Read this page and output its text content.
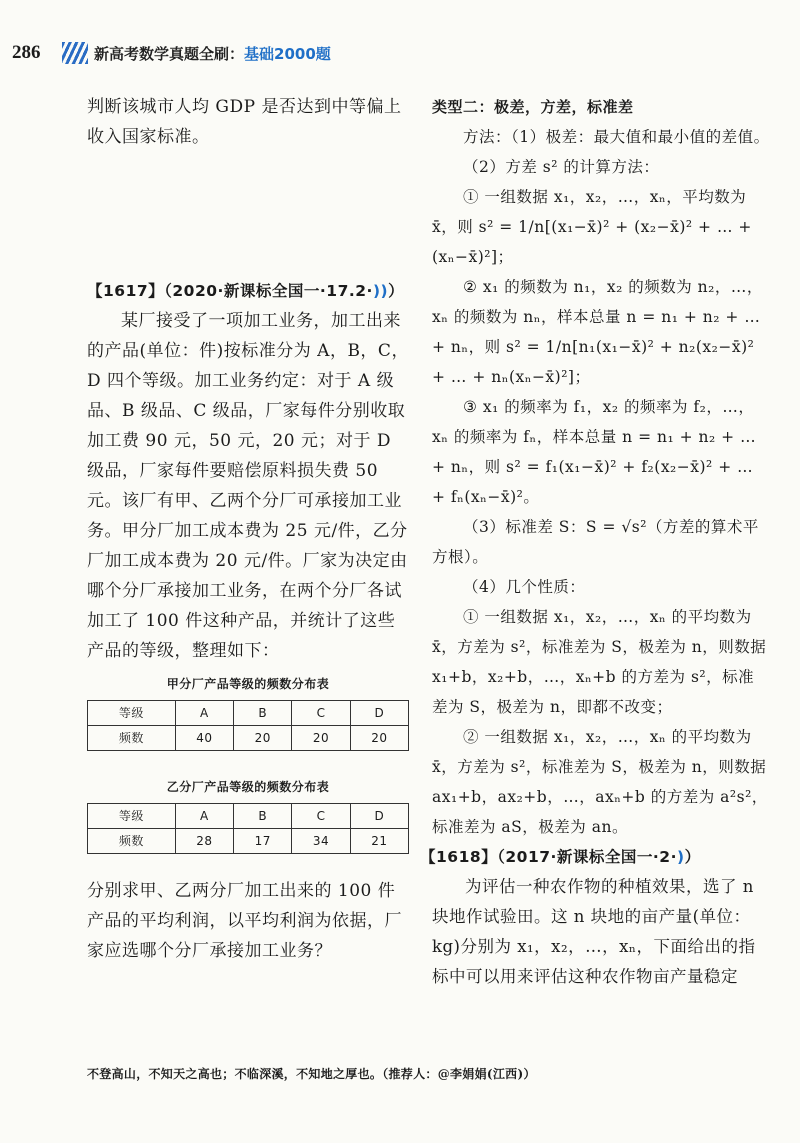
286	新高考数学真题全刷：基础2000题

判断该城市人均 GDP 是否达到中等偏上收入国家标准。

【1617】（2020·新课标全国一·17.2·))）

某厂接受了一项加工业务，加工出来的产品(单位：件)按标准分为 A，B，C，D 四个等级。加工业务约定：对于 A 级品、B 级品、C 级品，厂家每件分别收取加工费 90 元，50 元，20 元；对于 D 级品，厂家每件要赔偿原料损失费 50 元。该厂有甲、乙两个分厂可承接加工业务。甲分厂加工成本费为 25 元/件，乙分厂加工成本费为 20 元/件。厂家为决定由哪个分厂承接加工业务，在两个分厂各试加工了 100 件这种产品，并统计了这些产品的等级，整理如下：

甲分厂产品等级的频数分布表
等级	A	B	C	D
频数	40	20	20	20
乙分厂产品等级的频数分布表
等级	A	B	C	D
频数	28	17	34	21

分别求甲、乙两分厂加工出来的 100 件产品的平均利润，以平均利润为依据，厂家应选哪个分厂承接加工业务？

类型二：极差，方差，标准差

方法：（1）极差：最大值和最小值的差值。

（2）方差 s² 的计算方法：

① 一组数据 x₁，x₂，…，xₙ，平均数为 x̄，则 s² = 1/n[(x₁−x̄)² + (x₂−x̄)² + … + (xₙ−x̄)²]；

② x₁ 的频数为 n₁，x₂ 的频数为 n₂，…，xₙ 的频数为 nₙ，样本总量 n = n₁ + n₂ + … + nₙ，则 s² = 1/n[n₁(x₁−x̄)² + n₂(x₂−x̄)² + … + nₙ(xₙ−x̄)²]；

③ x₁ 的频率为 f₁，x₂ 的频率为 f₂，…，xₙ 的频率为 fₙ，样本总量 n = n₁ + n₂ + … + nₙ，则 s² = f₁(x₁−x̄)² + f₂(x₂−x̄)² + … + fₙ(xₙ−x̄)²。

（3）标准差 S：S = √s²（方差的算术平方根）。

（4）几个性质：

① 一组数据 x₁，x₂，…，xₙ 的平均数为 x̄，方差为 s²，标准差为 S，极差为 n，则数据 x₁+b，x₂+b，…，xₙ+b 的方差为 s²，标准差为 S，极差为 n，即都不改变；

② 一组数据 x₁，x₂，…，xₙ 的平均数为 x̄，方差为 s²，标准差为 S，极差为 n，则数据 ax₁+b，ax₂+b，…，axₙ+b 的方差为 a²s²，标准差为 aS，极差为 an。

【1618】（2017·新课标全国一·2·)）

为评估一种农作物的种植效果，选了 n 块地作试验田。这 n 块地的亩产量(单位：kg)分别为 x₁，x₂，…，xₙ，下面给出的指标中可以用来评估这种农作物亩产量稳定

不登高山，不知天之高也；不临深溪，不知地之厚也。（推荐人：@李娟娟(江西)）
